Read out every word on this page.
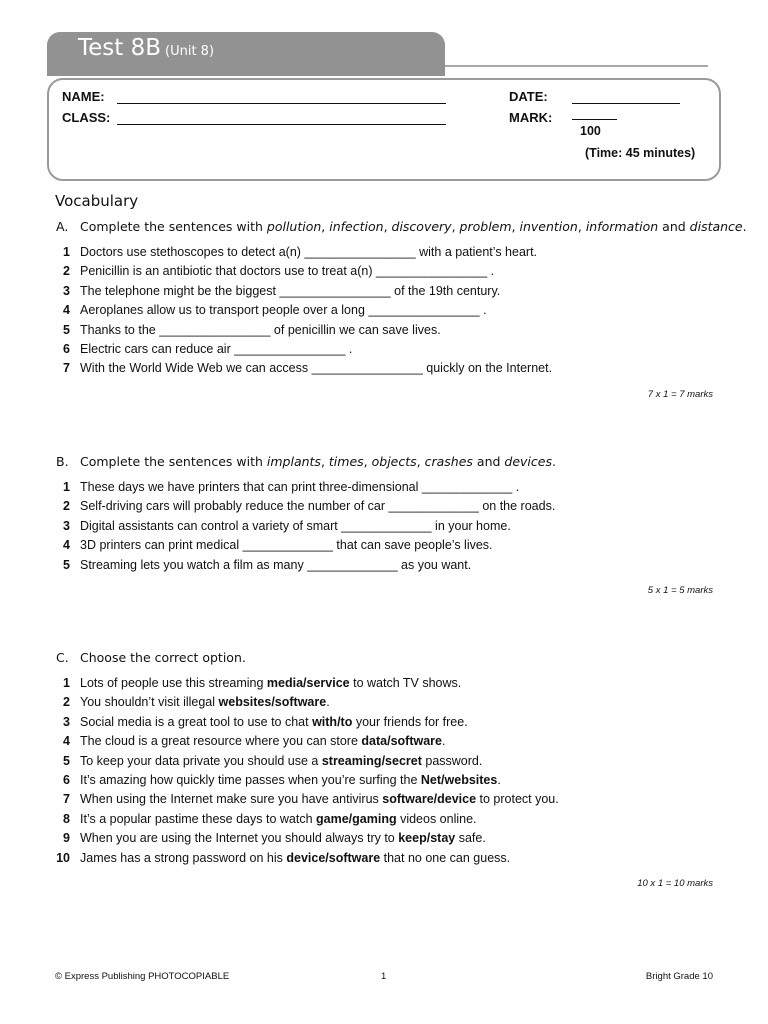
Test 8B (Unit 8)
NAME:
CLASS:
DATE:
MARK:
100
(Time: 45 minutes)
Vocabulary
A. Complete the sentences with pollution, infection, discovery, problem, invention, information and distance.
1 Doctors use stethoscopes to detect a(n) ________________ with a patient’s heart.
2 Penicillin is an antibiotic that doctors use to treat a(n) ________________ .
3 The telephone might be the biggest ________________ of the 19th century.
4 Aeroplanes allow us to transport people over a long ________________ .
5 Thanks to the ________________ of penicillin we can save lives.
6 Electric cars can reduce air ________________ .
7 With the World Wide Web we can access ________________ quickly on the Internet.
7 x 1 = 7 marks
B. Complete the sentences with implants, times, objects, crashes and devices.
1 These days we have printers that can print three-dimensional _____________ .
2 Self-driving cars will probably reduce the number of car _____________ on the roads.
3 Digital assistants can control a variety of smart _____________ in your home.
4 3D printers can print medical _____________ that can save people’s lives.
5 Streaming lets you watch a film as many _____________ as you want.
5 x 1 = 5 marks
C. Choose the correct option.
1 Lots of people use this streaming media/service to watch TV shows.
2 You shouldn’t visit illegal websites/software.
3 Social media is a great tool to use to chat with/to your friends for free.
4 The cloud is a great resource where you can store data/software.
5 To keep your data private you should use a streaming/secret password.
6 It’s amazing how quickly time passes when you’re surfing the Net/websites.
7 When using the Internet make sure you have antivirus software/device to protect you.
8 It’s a popular pastime these days to watch game/gaming videos online.
9 When you are using the Internet you should always try to keep/stay safe.
10 James has a strong password on his device/software that no one can guess.
10 x 1 = 10 marks
© Express Publishing PHOTOCOPIABLE	1	Bright Grade 10
